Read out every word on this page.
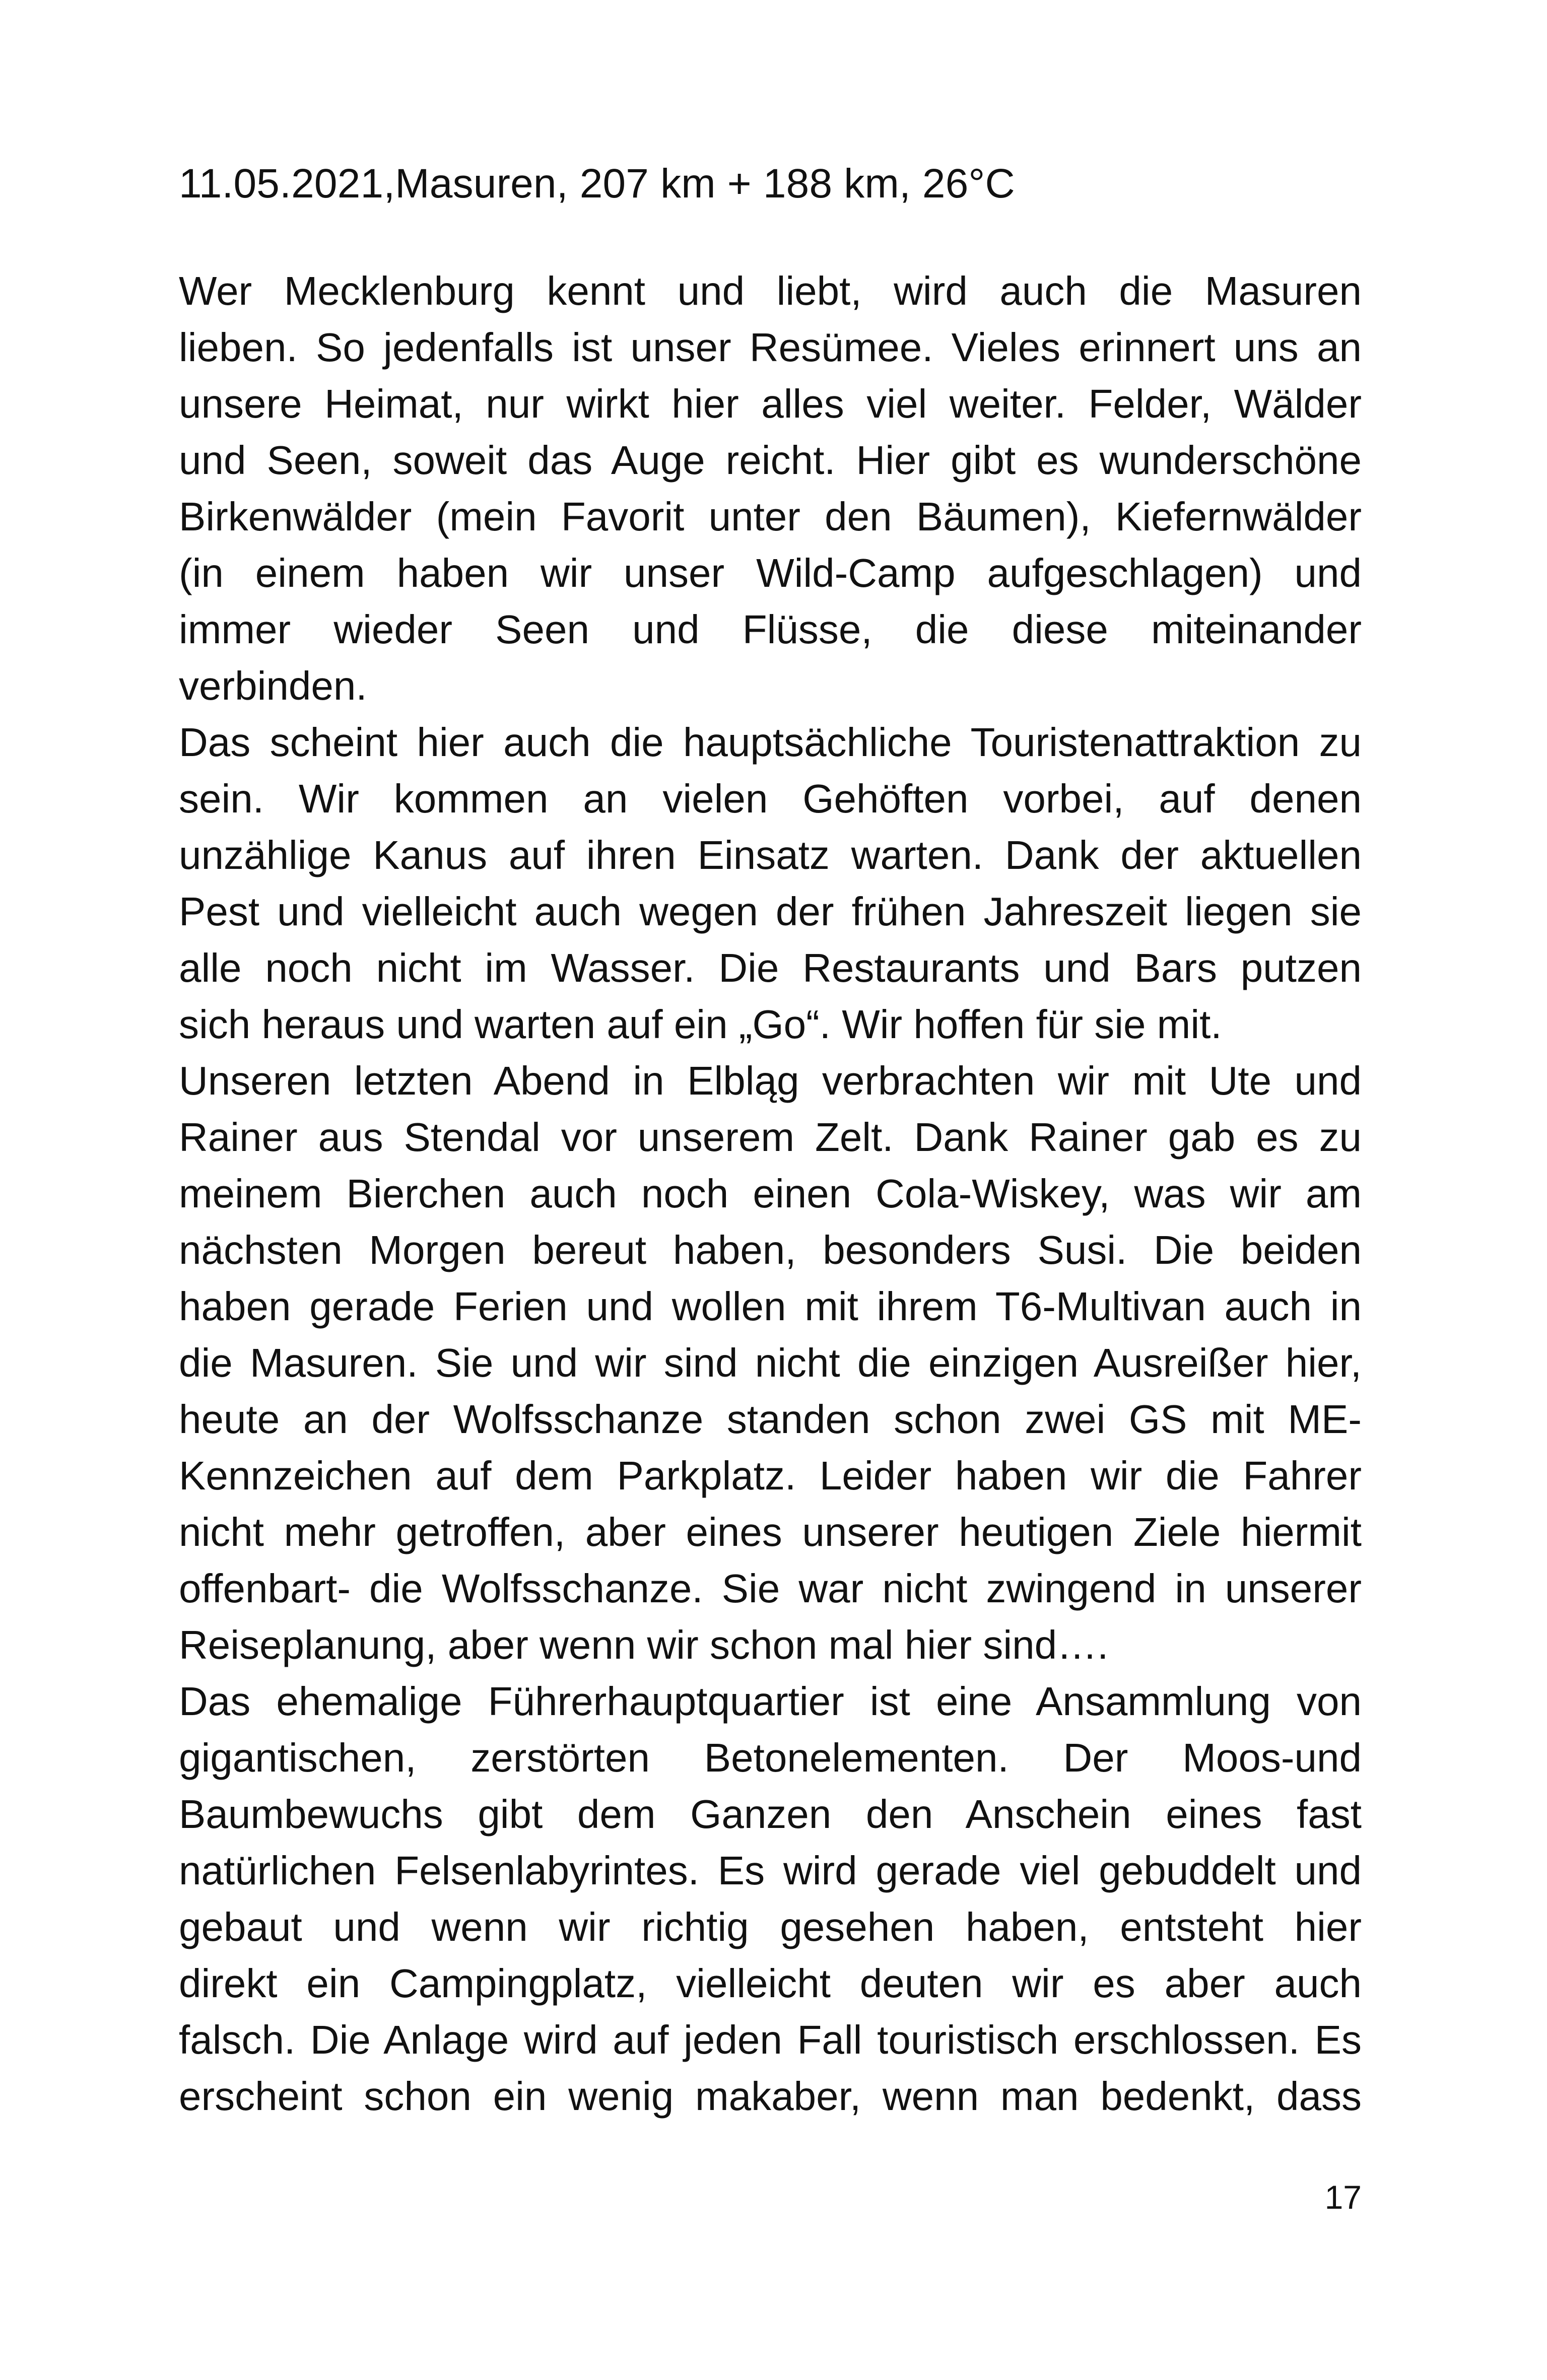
11.05.2021,Masuren, 207 km + 188 km, 26°C
Wer Mecklenburg kennt und liebt, wird auch die Masuren
lieben. So jedenfalls ist unser Resümee. Vieles erinnert uns an
unsere Heimat, nur wirkt hier alles viel weiter. Felder, Wälder
und Seen, soweit das Auge reicht. Hier gibt es wunderschöne
Birkenwälder (mein Favorit unter den Bäumen), Kiefernwälder
(in einem haben wir unser Wild-Camp aufgeschlagen) und
immer wieder Seen und Flüsse, die diese miteinander
verbinden.
Das scheint hier auch die hauptsächliche Touristenattraktion zu
sein. Wir kommen an vielen Gehöften vorbei, auf denen
unzählige Kanus auf ihren Einsatz warten. Dank der aktuellen
Pest und vielleicht auch wegen der frühen Jahreszeit liegen sie
alle noch nicht im Wasser. Die Restaurants und Bars putzen
sich heraus und warten auf ein „Go“. Wir hoffen für sie mit.
Unseren letzten Abend in Elbląg verbrachten wir mit Ute und
Rainer aus Stendal vor unserem Zelt. Dank Rainer gab es zu
meinem Bierchen auch noch einen Cola-Wiskey, was wir am
nächsten Morgen bereut haben, besonders Susi. Die beiden
haben gerade Ferien und wollen mit ihrem T6-Multivan auch in
die Masuren. Sie und wir sind nicht die einzigen Ausreißer hier,
heute an der Wolfsschanze standen schon zwei GS mit ME-
Kennzeichen auf dem Parkplatz. Leider haben wir die Fahrer
nicht mehr getroffen, aber eines unserer heutigen Ziele hiermit
offenbart- die Wolfsschanze. Sie war nicht zwingend in unserer
Reiseplanung, aber wenn wir schon mal hier sind….
Das ehemalige Führerhauptquartier ist eine Ansammlung von
gigantischen, zerstörten Betonelementen. Der Moos-und
Baumbewuchs gibt dem Ganzen den Anschein eines fast
natürlichen Felsenlabyrintes. Es wird gerade viel gebuddelt und
gebaut und wenn wir richtig gesehen haben, entsteht hier
direkt ein Campingplatz, vielleicht deuten wir es aber auch
falsch. Die Anlage wird auf jeden Fall touristisch erschlossen. Es
erscheint schon ein wenig makaber, wenn man bedenkt, dass
17
